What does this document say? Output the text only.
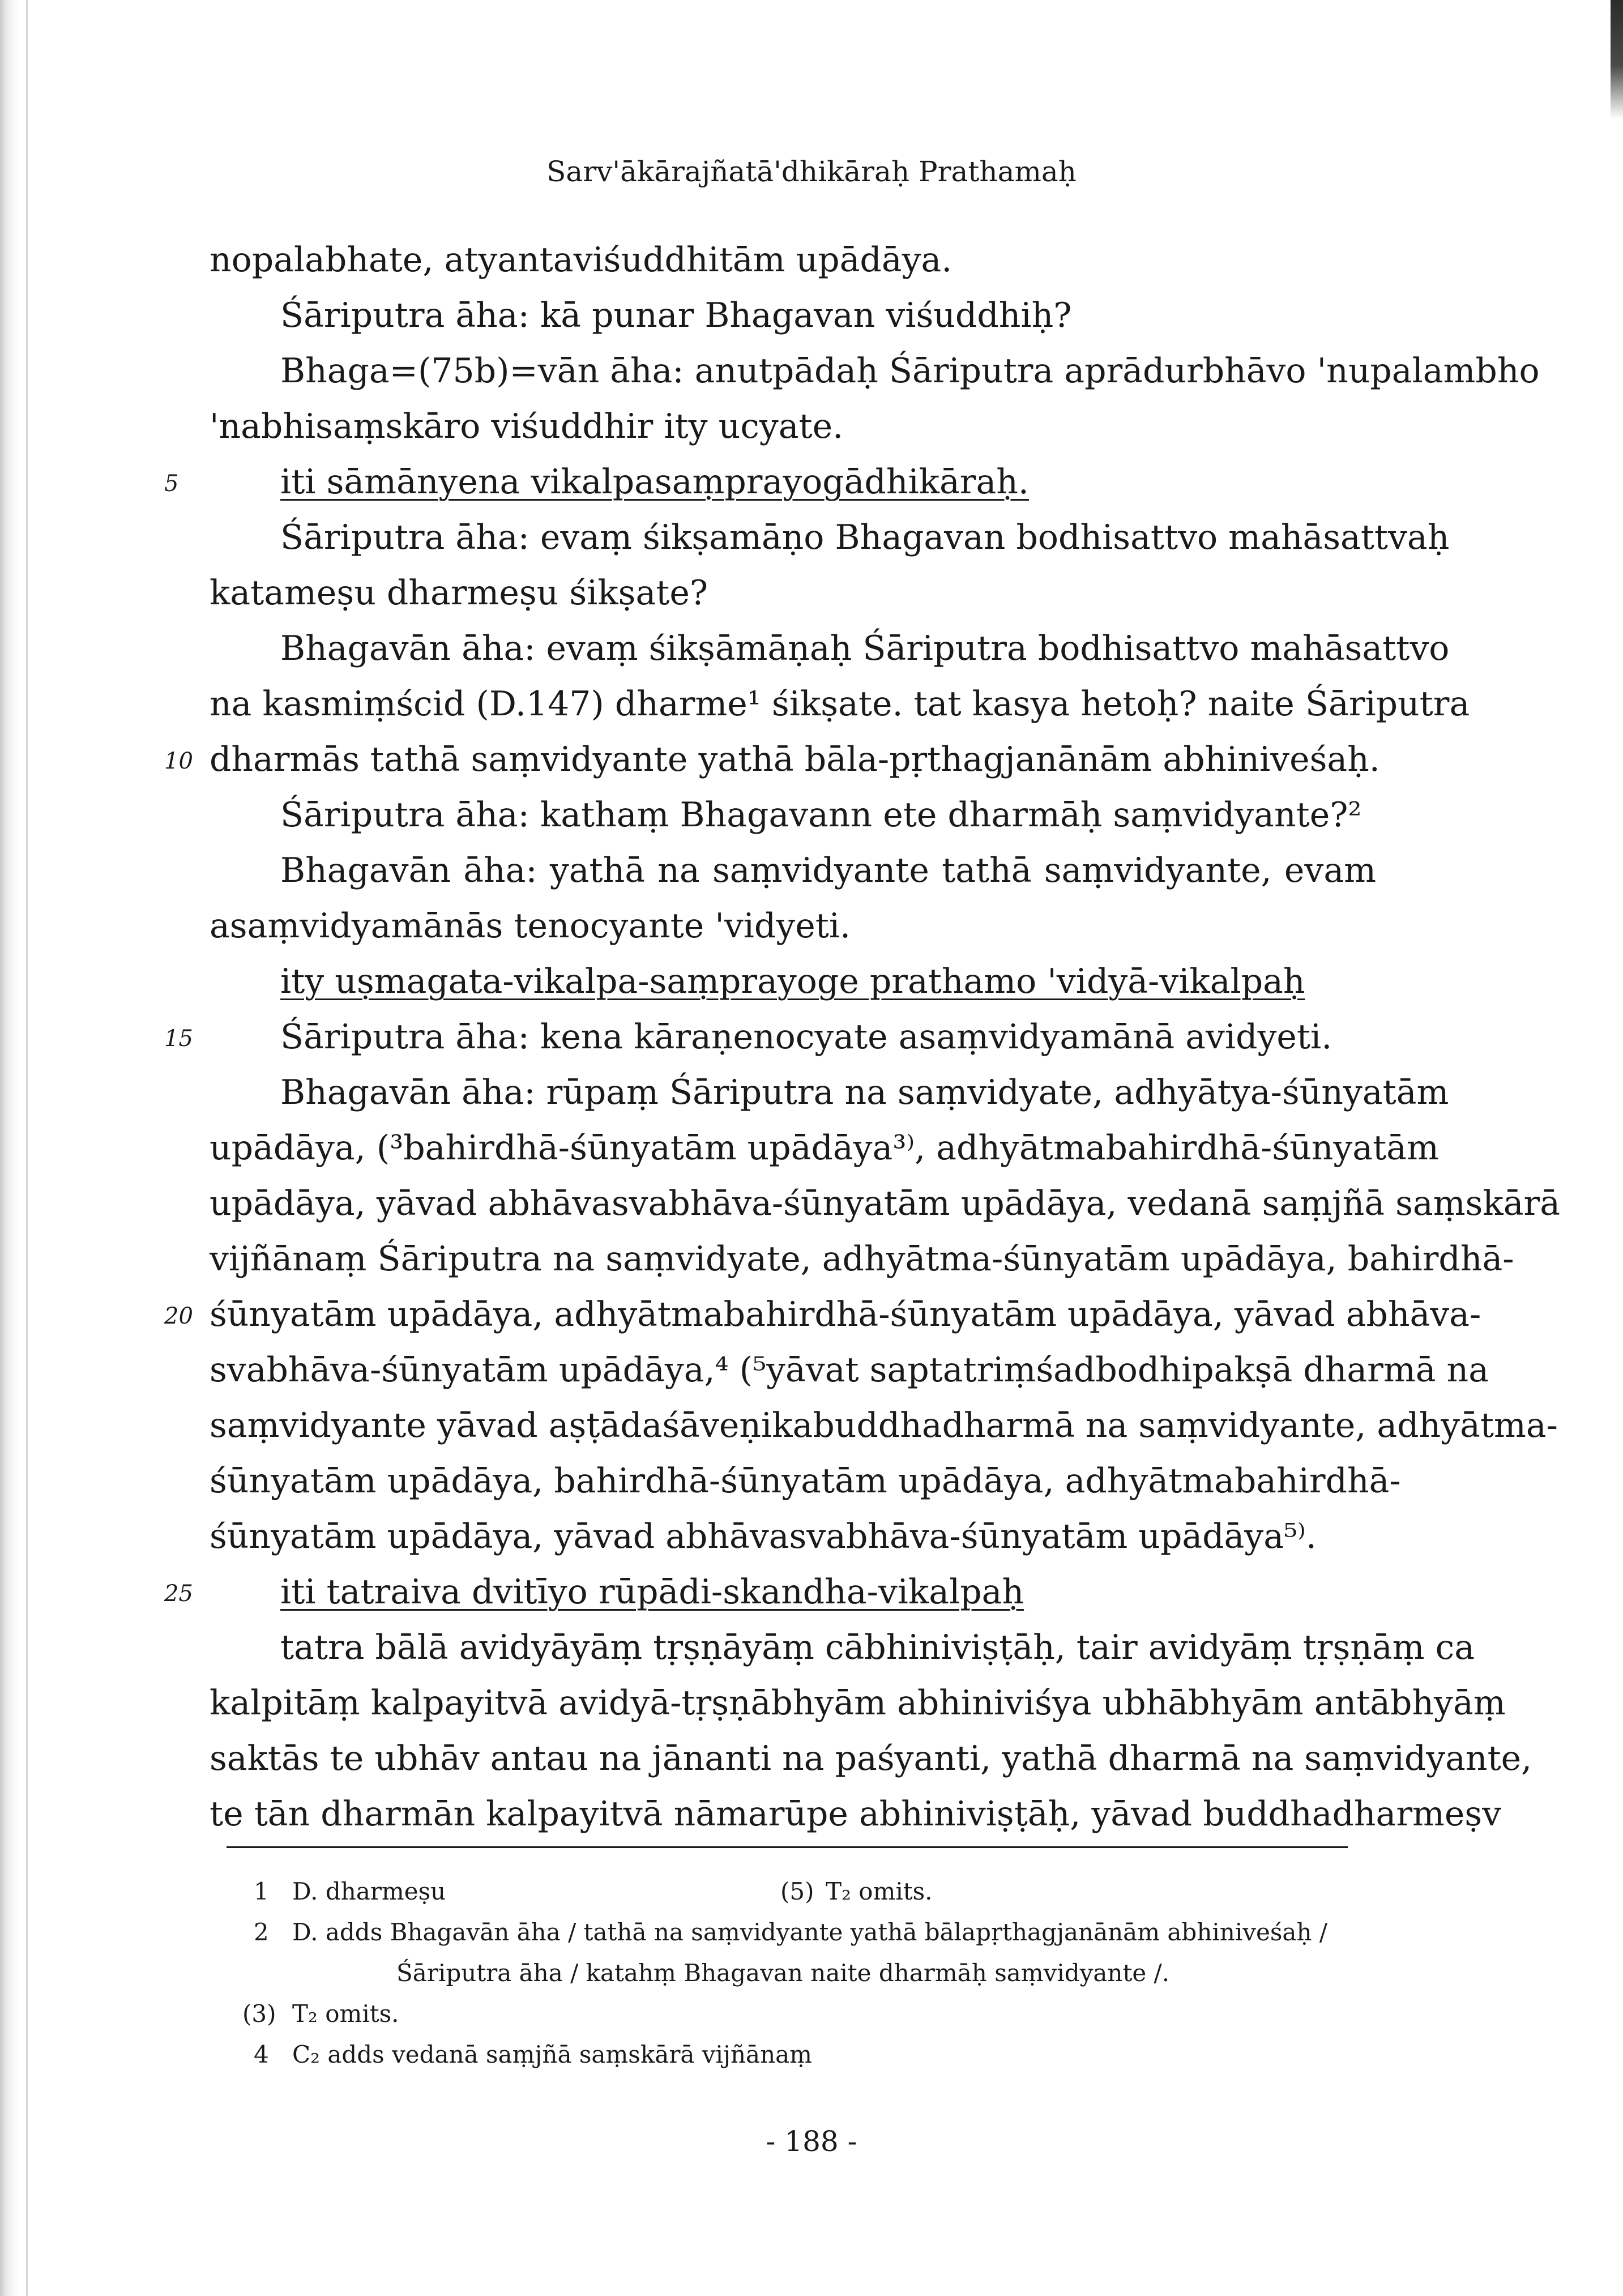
Sarv'ākārajñatā'dhikāraḥ Prathamaḥ
nopalabhate, atyantaviśuddhitām upādāya.
Śāriputra āha: kā punar Bhagavan viśuddhiḥ?
Bhaga=(75b)=vān āha: anutpādaḥ Śāriputra aprādurbhāvo 'nupalambho
'nabhisaṃskāro viśuddhir ity ucyate.
5	iti sāmānyena vikalpasaṃprayogādhikāraḥ.
Śāriputra āha: evaṃ śikṣamāṇo Bhagavan bodhisattvo mahāsattvaḥ
katameṣu dharmeṣu śikṣate?
Bhagavān āha: evaṃ śikṣāmāṇaḥ Śāriputra bodhisattvo mahāsattvo
na kasmiṃścid (D.147) dharme¹ śikṣate. tat kasya hetoḥ? naite Śāriputra
10 dharmās tathā saṃvidyante yathā bāla-pṛthagjanānām abhiniveśaḥ.
Śāriputra āha: kathaṃ Bhagavann ete dharmāḥ saṃvidyante?²
Bhagavān āha: yathā na saṃvidyante tathā saṃvidyante, evam
asaṃvidyamānās tenocyante 'vidyeti.
ity uṣmagata-vikalpa-saṃprayoge prathamo 'vidyā-vikalpaḥ
15	Śāriputra āha: kena kāraṇenocyate asaṃvidyamānā avidyeti.
Bhagavān āha: rūpaṃ Śāriputra na saṃvidyate, adhyātya-śūnyatām
upādāya, (³bahirdhā-śūnyatām upādāya³⁾, adhyātmabahirdhā-śūnyatām
upādāya, yāvad abhāvasvabhāva-śūnyatām upādāya, vedanā saṃjñā saṃskārā
vijñānaṃ Śāriputra na saṃvidyate, adhyātma-śūnyatām upādāya, bahirdhā-
20 śūnyatām upādāya, adhyātmabahirdhā-śūnyatām upādāya, yāvad abhāva-
svabhāva-śūnyatām upādāya,⁴ (⁵yāvat saptatriṃśadbodhipakṣā dharmā na
saṃvidyante yāvad aṣṭādaśāveṇikabuddhadharmā na saṃvidyante, adhyātma-
śūnyatām upādāya, bahirdhā-śūnyatām upādāya, adhyātmabahirdhā-
śūnyatām upādāya, yāvad abhāvasvabhāva-śūnyatām upādāya⁵⁾.
25	iti tatraiva dvitīyo rūpādi-skandha-vikalpaḥ
tatra bālā avidyāyāṃ tṛṣṇāyāṃ cābhiniviṣṭāḥ, tair avidyāṃ tṛṣṇāṃ ca
kalpitāṃ kalpayitvā avidyā-tṛṣṇābhyām abhiniviśya ubhābhyām antābhyāṃ
saktās te ubhāv antau na jānanti na paśyanti, yathā dharmā na saṃvidyante,
te tān dharmān kalpayitvā nāmarūpe abhiniviṣṭāḥ, yāvad buddhadharmeṣv
1 D. dharmeṣu	(5) T₂ omits.
2 D. adds Bhagavān āha / tathā na saṃvidyante yathā bālapṛthagjanānām abhiniveśaḥ /
Śāriputra āha / katahṃ Bhagavan naite dharmāḥ saṃvidyante /.
(3) T₂ omits.
4 C₂ adds vedanā saṃjñā saṃskārā vijñānaṃ
- 188 -
